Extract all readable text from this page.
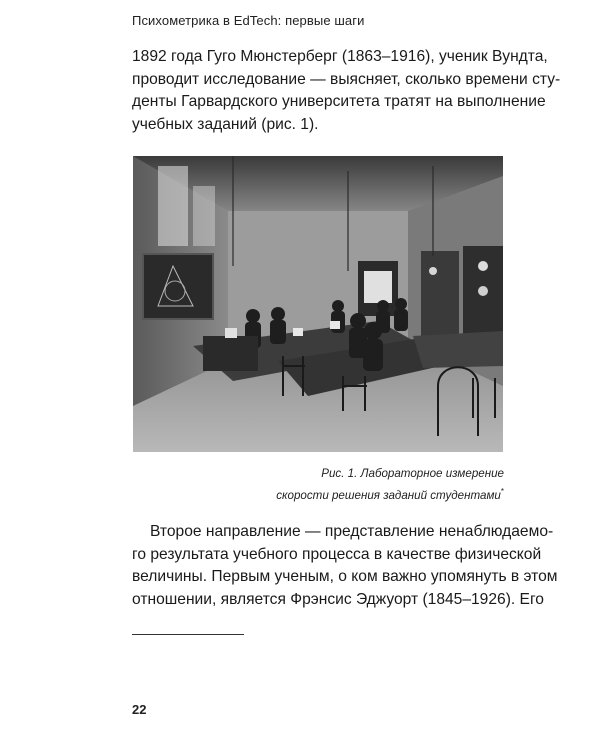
Психометрика в EdTech: первые шаги

1892 года Гуго Мюнстерберг (1863–1916), ученик Вундта,
проводит исследование — выясняет, сколько времени сту-
денты Гарвардского университета тратят на выполнение
учебных заданий (рис. 1).

Рис. 1. Лабораторное измерение
скорости решения заданий студентами*

Второе направление — представление ненаблюдаемо-
го результата учебного процесса в качестве физической
величины. Первым ученым, о ком важно упомянуть в этом
отношении, является Фрэнсис Эджуорт (1845–1926). Его

22
